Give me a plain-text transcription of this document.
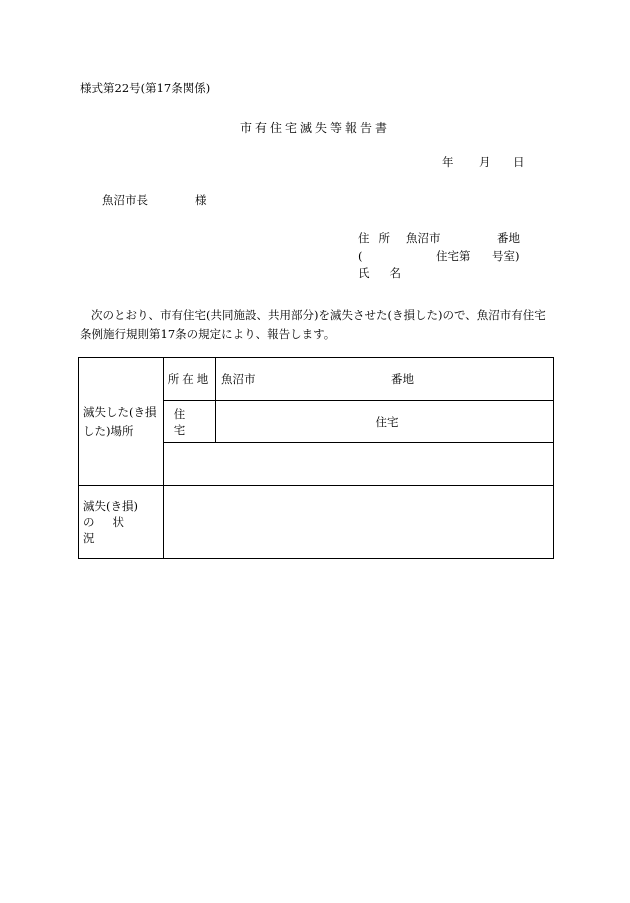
様式第22号(第17条関係)
市有住宅滅失等報告書
年 月 日
魚沼市長	様
住所 魚沼市	番地
(	住宅第 号室)
氏名
次のとおり、市有住宅(共同施設、共用部分)を滅失させた(き損した)ので、魚沼市有住宅条例施行規則第17条の規定により、報告します。
滅失した(き損した)場所	所在地	魚沼市 番地

	住宅	住宅

滅失(き損)
の状況		
